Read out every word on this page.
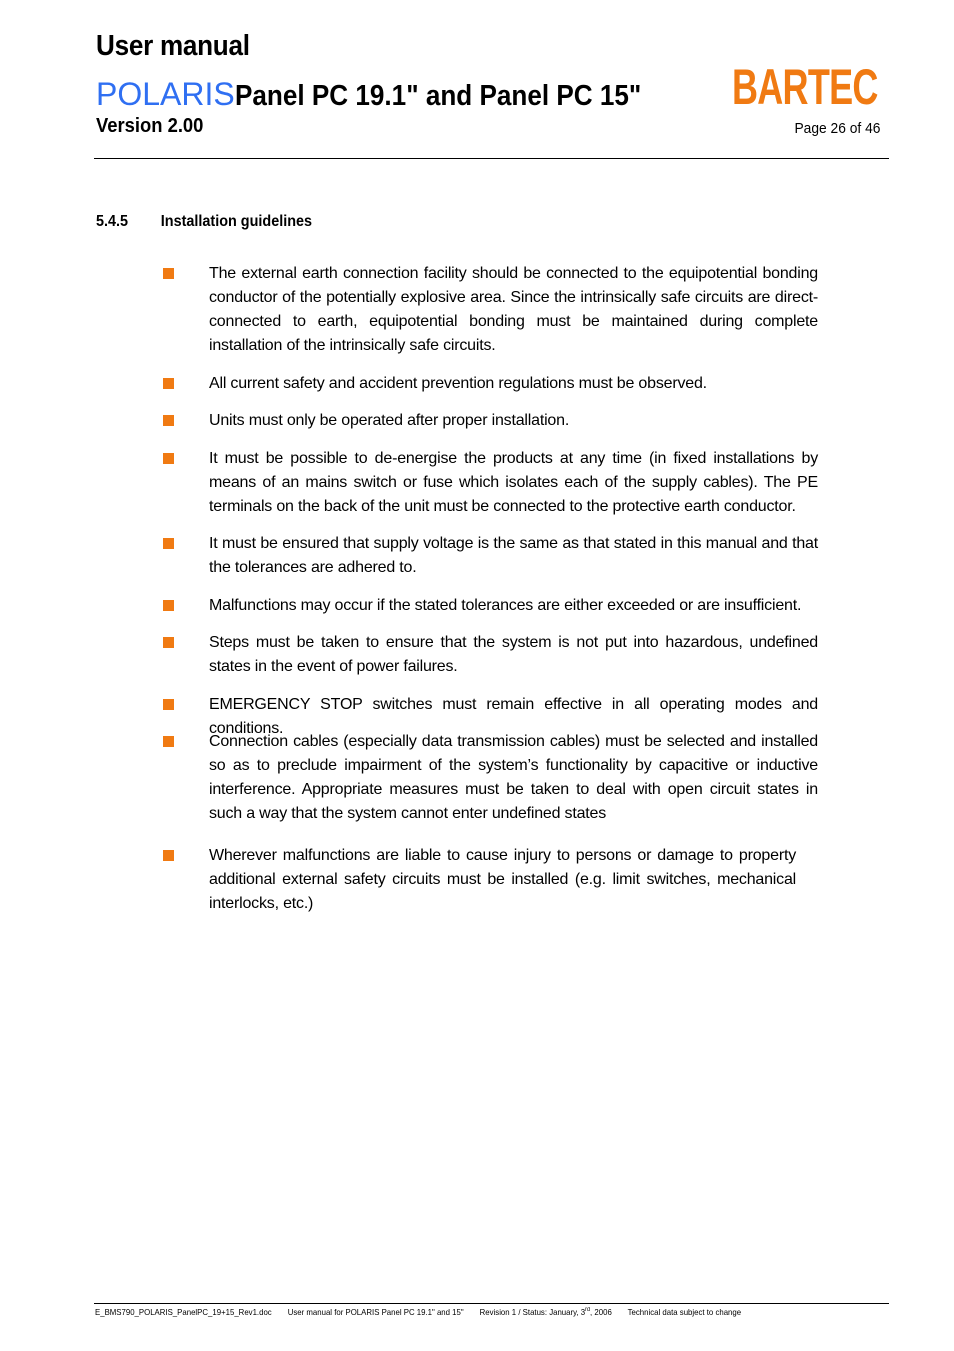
User manual
POLARISPanel PC 19.1" and Panel PC 15"
Version 2.00
BARTEC
Page 26 of 46
5.4.5 Installation guidelines
The external earth connection facility should be connected to the equipotential bonding conductor of the potentially explosive area. Since the intrinsically safe circuits are direct-connected to earth, equipotential bonding must be maintained during complete installation of the intrinsically safe circuits.
All current safety and accident prevention regulations must be observed.
Units must only be operated after proper installation.
It must be possible to de-energise the products at any time (in fixed installations by means of an mains switch or fuse which isolates each of the supply cables). The PE terminals on the back of the unit must be connected to the protective earth conductor.
It must be ensured that supply voltage is the same as that stated in this manual and that the tolerances are adhered to.
Malfunctions may occur if the stated tolerances are either exceeded or are insufficient.
Steps must be taken to ensure that the system is not put into hazardous, undefined states in the event of power failures.
EMERGENCY STOP switches must remain effective in all operating modes and conditions.
Connection cables (especially data transmission cables) must be selected and installed so as to preclude impairment of the system’s functionality by capacitive or inductive interference. Appropriate measures must be taken to deal with open circuit states in such a way that the system cannot enter undefined states
Wherever malfunctions are liable to cause injury to persons or damage to property additional external safety circuits must be installed (e.g. limit switches, mechanical interlocks, etc.)
E_BMS790_POLARIS_PanelPC_19+15_Rev1.doc User manual for POLARIS Panel PC 19.1" and 15" Revision 1 / Status: January, 3rd, 2006 Technical data subject to change
